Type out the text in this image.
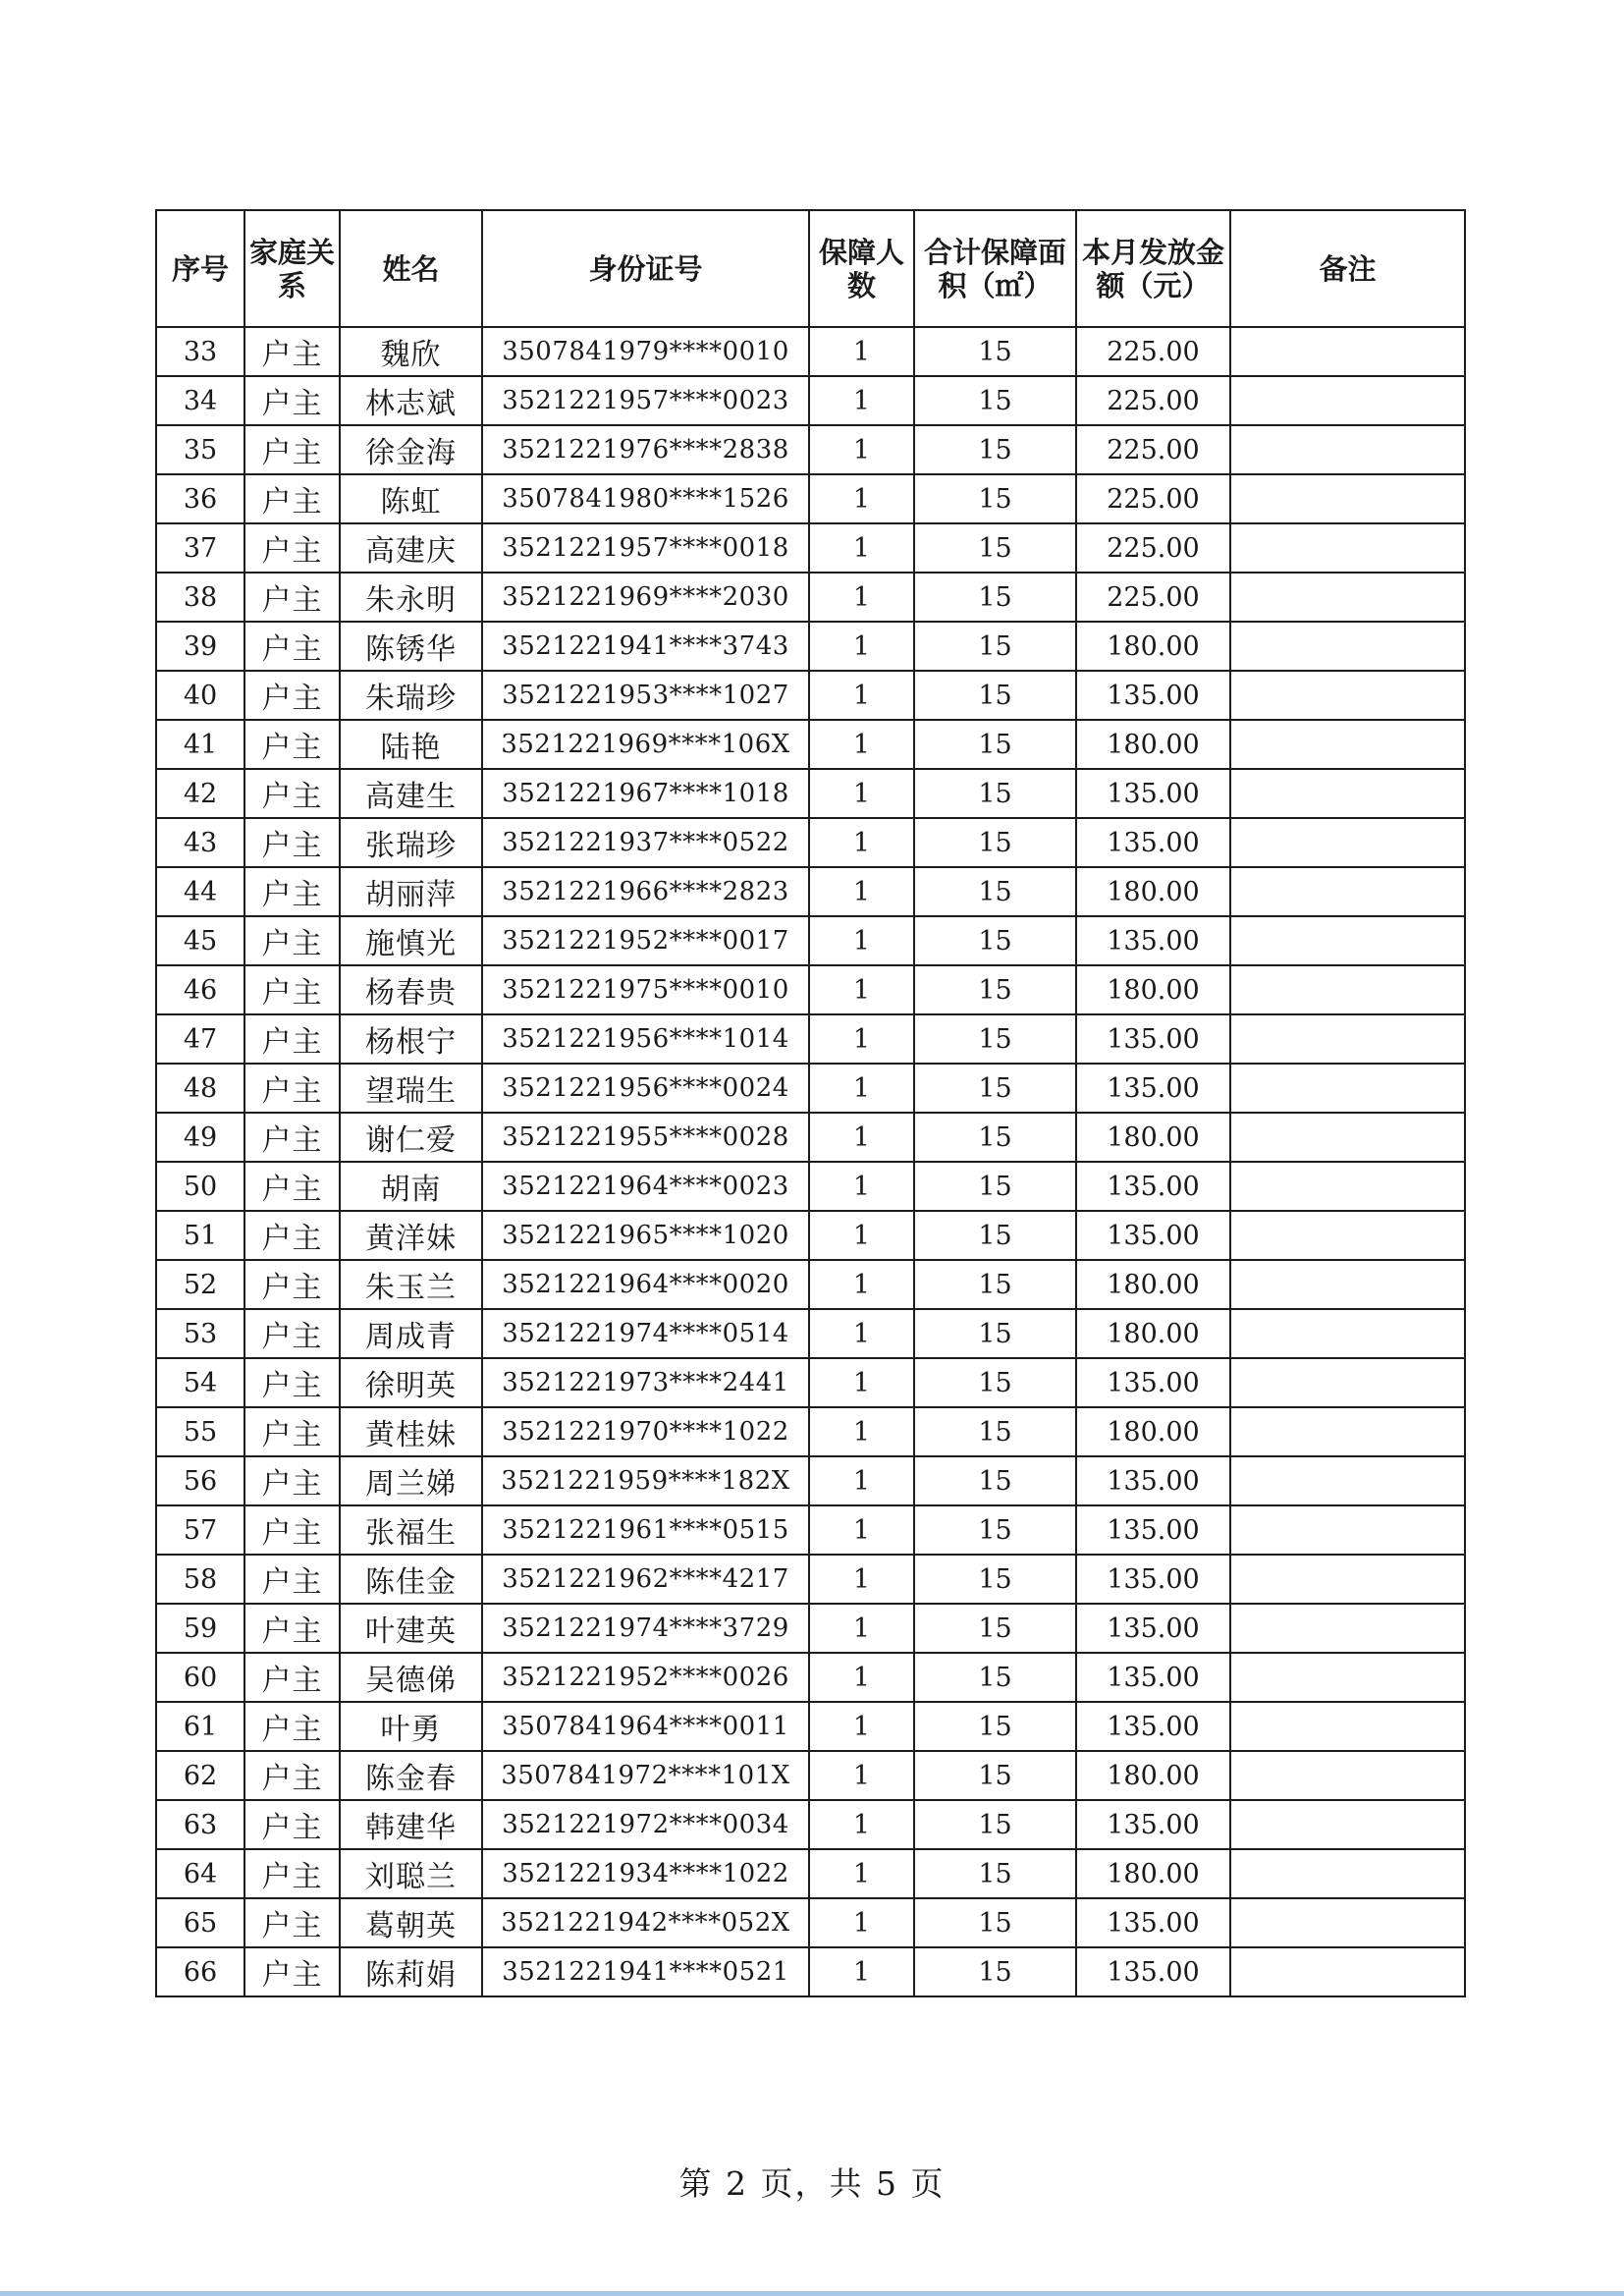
序号	家庭关系	姓名	身份证号	保障人数	合计保障面积（㎡）	本月发放金额（元）	备注
33	户主	魏欣	3507841979****0010	1	15	225.00	
34	户主	林志斌	3521221957****0023	1	15	225.00	
35	户主	徐金海	3521221976****2838	1	15	225.00	
36	户主	陈虹	3507841980****1526	1	15	225.00	
37	户主	高建庆	3521221957****0018	1	15	225.00	
38	户主	朱永明	3521221969****2030	1	15	225.00	
39	户主	陈锈华	3521221941****3743	1	15	180.00	
40	户主	朱瑞珍	3521221953****1027	1	15	135.00	
41	户主	陆艳	3521221969****106X	1	15	180.00	
42	户主	高建生	3521221967****1018	1	15	135.00	
43	户主	张瑞珍	3521221937****0522	1	15	135.00	
44	户主	胡丽萍	3521221966****2823	1	15	180.00	
45	户主	施慎光	3521221952****0017	1	15	135.00	
46	户主	杨春贵	3521221975****0010	1	15	180.00	
47	户主	杨根宁	3521221956****1014	1	15	135.00	
48	户主	望瑞生	3521221956****0024	1	15	135.00	
49	户主	谢仁爱	3521221955****0028	1	15	180.00	
50	户主	胡南	3521221964****0023	1	15	135.00	
51	户主	黄洋妹	3521221965****1020	1	15	135.00	
52	户主	朱玉兰	3521221964****0020	1	15	180.00	
53	户主	周成青	3521221974****0514	1	15	180.00	
54	户主	徐明英	3521221973****2441	1	15	135.00	
55	户主	黄桂妹	3521221970****1022	1	15	180.00	
56	户主	周兰娣	3521221959****182X	1	15	135.00	
57	户主	张福生	3521221961****0515	1	15	135.00	
58	户主	陈佳金	3521221962****4217	1	15	135.00	
59	户主	叶建英	3521221974****3729	1	15	135.00	
60	户主	吴德俤	3521221952****0026	1	15	135.00	
61	户主	叶勇	3507841964****0011	1	15	135.00	
62	户主	陈金春	3507841972****101X	1	15	180.00	
63	户主	韩建华	3521221972****0034	1	15	135.00	
64	户主	刘聪兰	3521221934****1022	1	15	180.00	
65	户主	葛朝英	3521221942****052X	1	15	135.00	
66	户主	陈莉娟	3521221941****0521	1	15	135.00	
第 2 页，共 5 页
